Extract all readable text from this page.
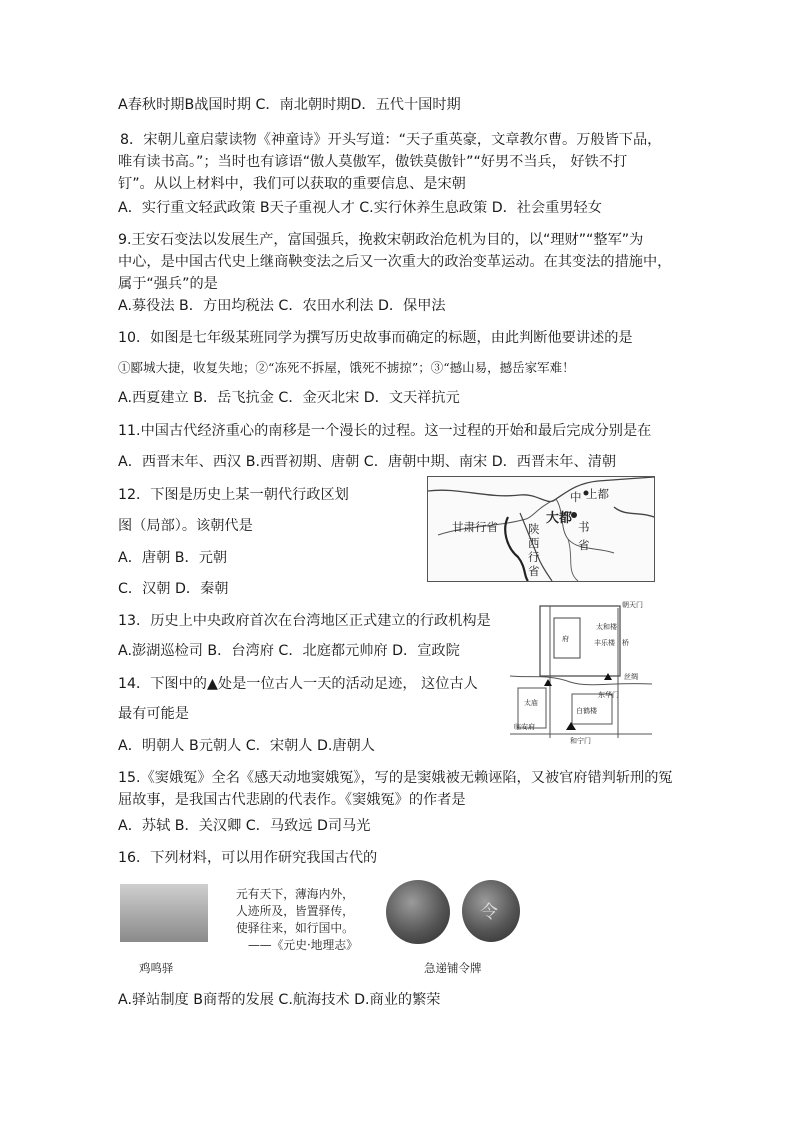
A春秋时期B战国时期 C．南北朝时期D．五代十国时期
8．宋朝儿童启蒙读物《神童诗》开头写道：“天子重英豪，文章教尔曹。万般皆下品，
唯有读书高。”；当时也有谚语“傲人莫傲军，傲铁莫傲针”“好男不当兵， 好铁不打
钉”。从以上材料中，我们可以获取的重要信息、是宋朝
A．实行重文轻武政策 B天子重视人才 C.实行休养生息政策 D．社会重男轻女
9.王安石变法以发展生产，富国强兵，挽救宋朝政治危机为目的，以“理财”“整军”为
中心，是中国古代史上继商鞅变法之后又一次重大的政治变革运动。在其变法的措施中，
属于“强兵”的是
A.募役法 B．方田均税法 C．农田水利法 D．保甲法
10．如图是七年级某班同学为撰写历史故事而确定的标题，由此判断他要讲述的是
①郾城大捷，收复失地；②“冻死不拆屋，饿死不掳掠”；③“撼山易，撼岳家军难！
A.西夏建立 B．岳飞抗金 C．金灭北宋 D．文天祥抗元
11.中国古代经济重心的南移是一个漫长的过程。这一过程的开始和最后完成分别是在
A．西晋末年、西汉 B.西晋初期、唐朝 C．唐朝中期、南宋 D．西晋末年、清朝
12．下图是历史上某一朝代行政区划
图（局部）。该朝代是
A．唐朝 B．元朝
C．汉朝 D．秦朝
13．历史上中央政府首次在台湾地区正式建立的行政机构是
A.澎湖巡检司 B．台湾府 C．北庭都元帅府 D．宣政院
14．下图中的▲处是一位古人一天的活动足迹， 这位古人
最有可能是
A．明朝人 B元朝人 C．宋朝人 D.唐朝人
15.《窦娥冤》全名《感天动地窦娥冤》，写的是窦娥被无赖诬陷，又被官府错判斩刑的冤
屈故事，是我国古代悲剧的代表作。《窦娥冤》的作者是
A．苏轼 B．关汉卿 C．马致远 D司马光
16．下列材料，可以用作研究我国古代的
A.驿站制度 B商帮的发展 C.航海技术 D.商业的繁荣
上都
中
大都
书
省
甘肃行省	陕
西
行
省
朝天门
太和楼
丰乐楼
府	桥
太庙
丝绸
东华门
白鹤楼
临安府
和宁门
鸡鸣驿
元有天下，薄海内外，
人迹所及，皆置驿传，
使驿往来，如行国中。
——《元史·地理志》
令
急递铺令牌
